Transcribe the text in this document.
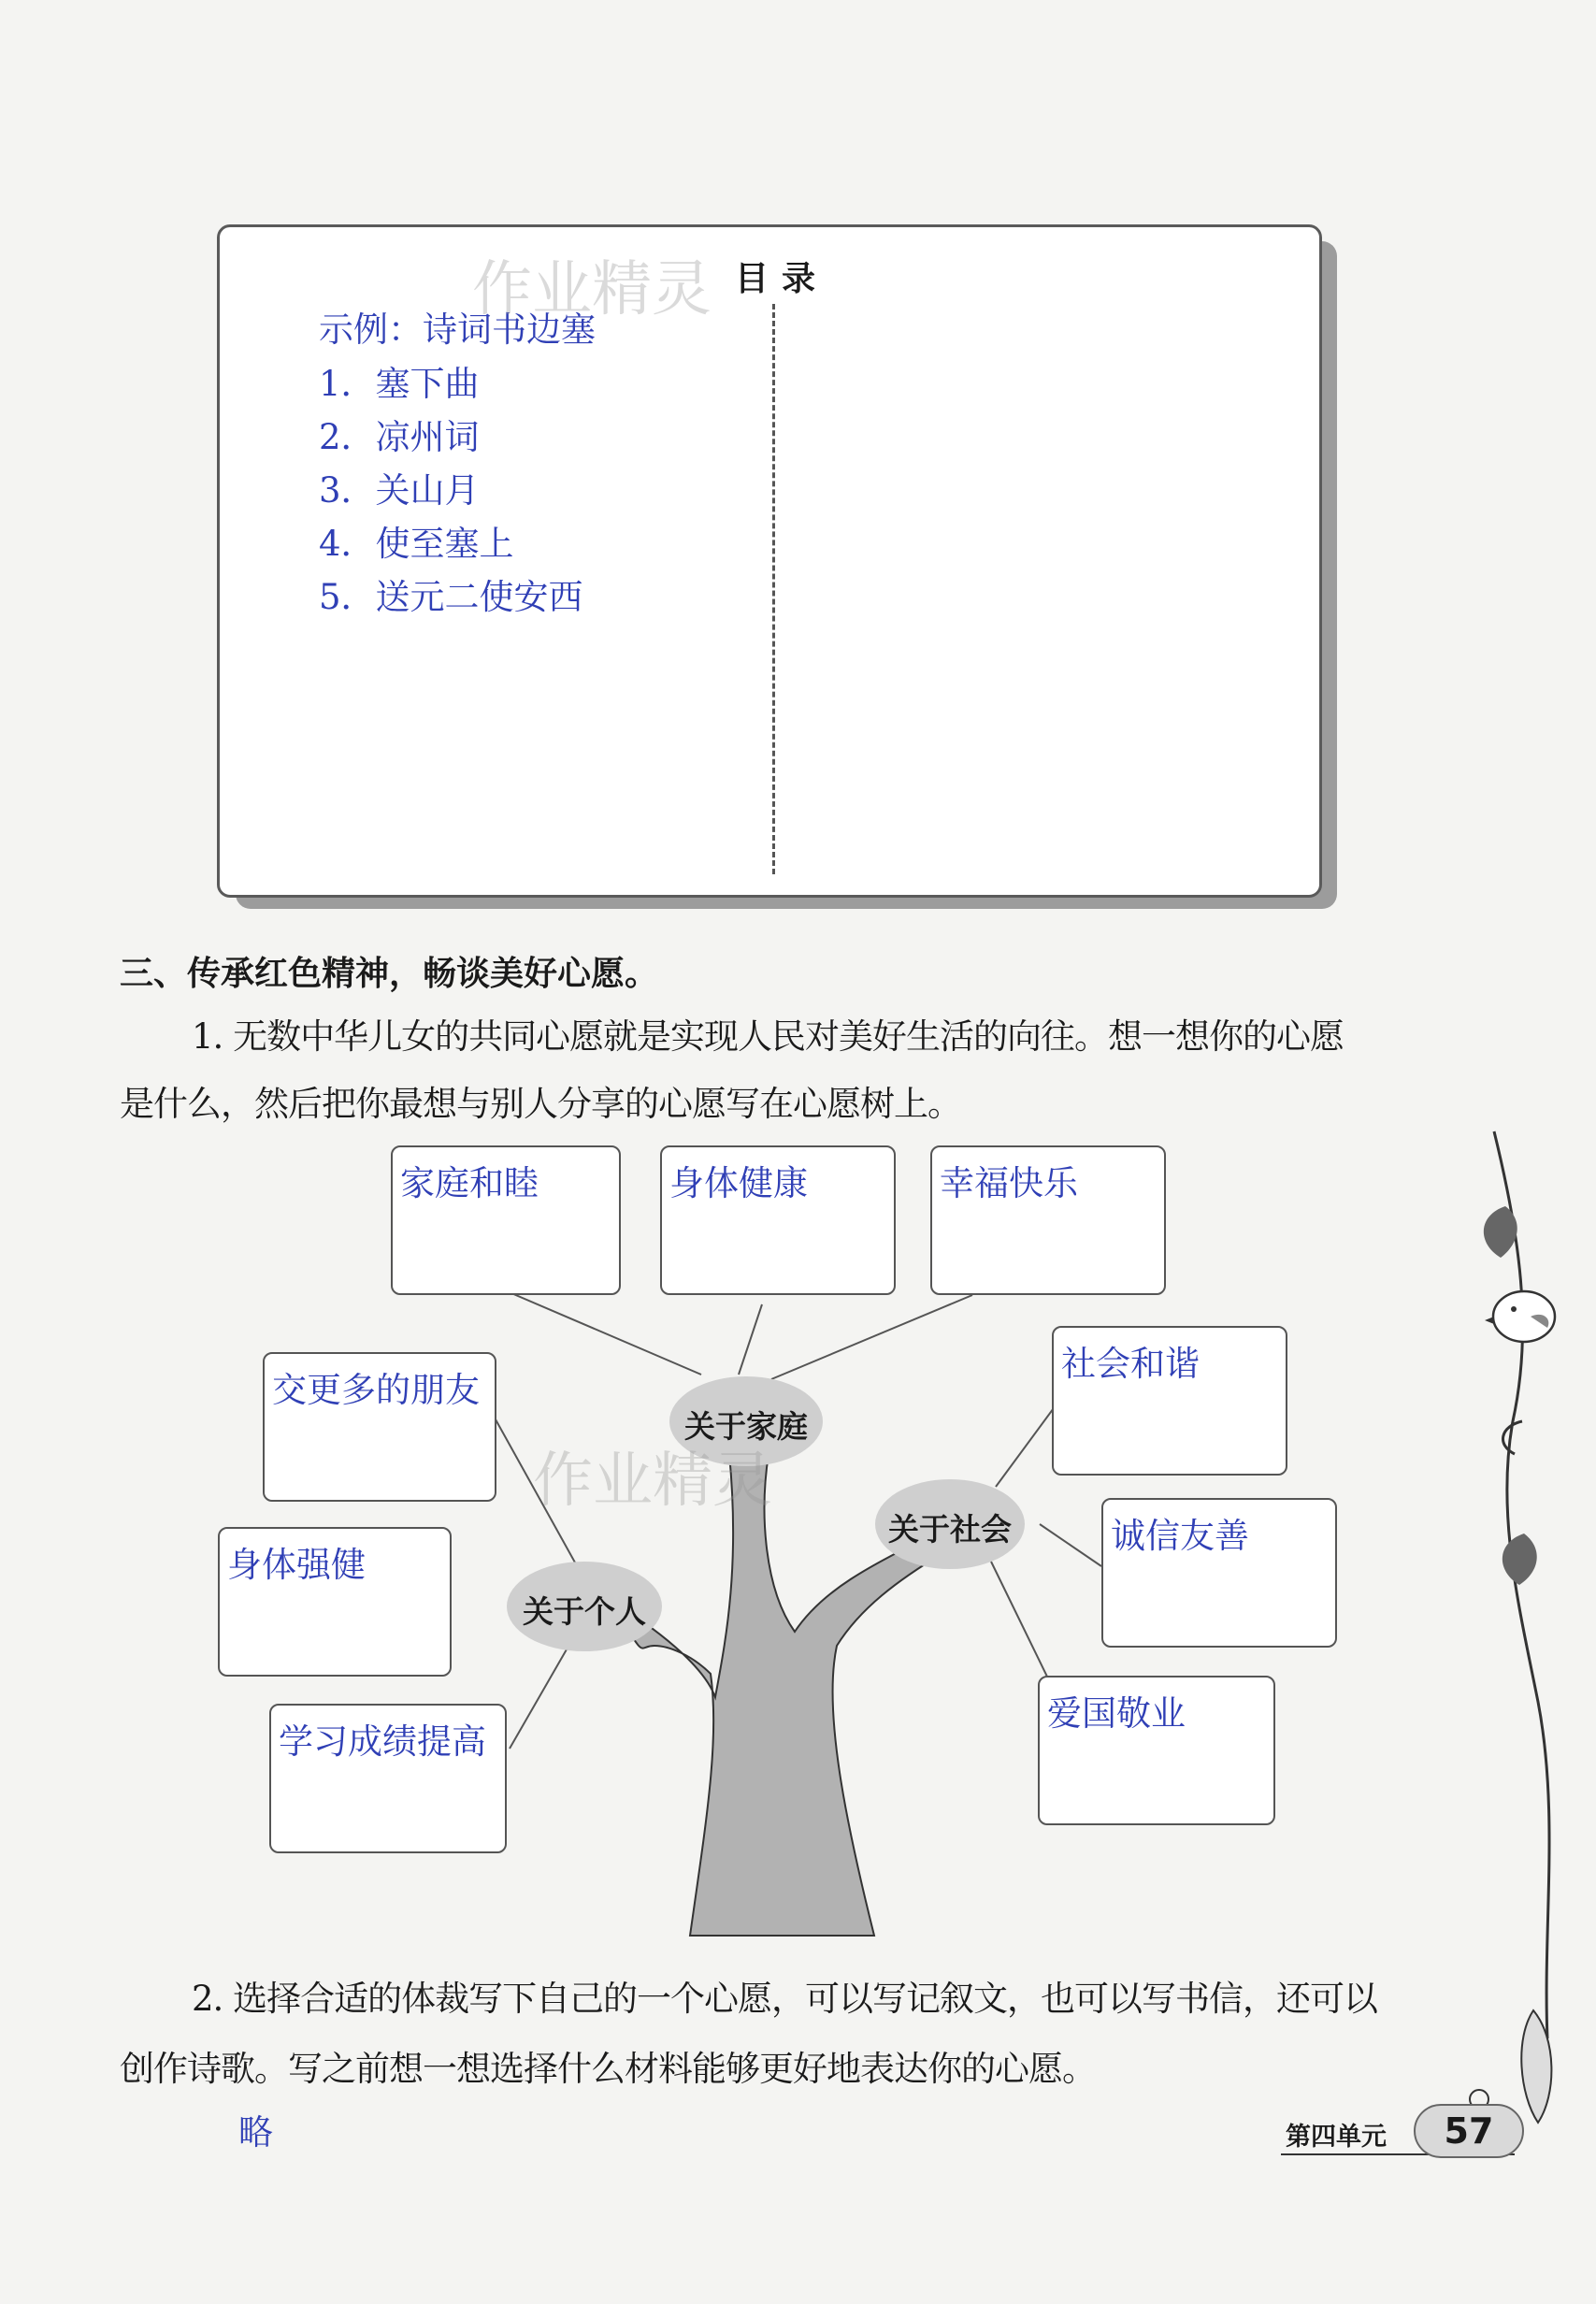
目录
示例：诗词书边塞
1．塞下曲
2．凉州词
3．关山月
4．使至塞上
5．送元二使安西
作业精灵
三、传承红色精神，畅谈美好心愿。
1. 无数中华儿女的共同心愿就是实现人民对美好生活的向往。想一想你的心愿
是什么，然后把你最想与别人分享的心愿写在心愿树上。
关于家庭
关于社会
关于个人
家庭和睦	身体健康	幸福快乐
交更多的朋友
身体强健
学习成绩提高
社会和谐
诚信友善
爱国敬业
作业精灵
2. 选择合适的体裁写下自己的一个心愿，可以写记叙文，也可以写书信，还可以
创作诗歌。写之前想一想选择什么材料能够更好地表达你的心愿。
略	第四单元	57
